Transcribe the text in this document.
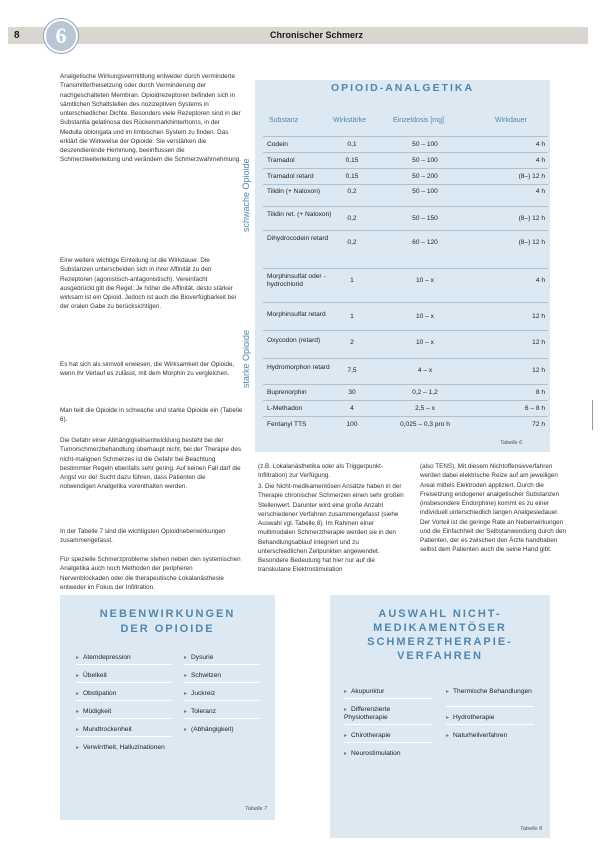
8	6	Chronischer Schmerz

Analgetische Wirkungsvermittlung entweder durch verminderte Transmitterfreisetzung oder durch Verminderung der nachgeschalteten Membran. Opioidrezeptoren befinden sich in sämtlichen Schaltstellen des nozizeptiven Systems in unterschiedlicher Dichte. Besonders viele Rezeptoren sind in der Substantia gelatinosa des Rückenmarkhinterhorns, in der Medulla oblongata und im limbischen System zu finden. Das erklärt die Wirkweise der Opioide: Sie verstärken die deszendierende Hemmung, beeinflussen die Schmerzweiterleitung und verändern die Schmerzwahrnehmung.

Eine weitere wichtige Einteilung ist die Wirkdauer. Die Substanzen unterscheiden sich in ihrer Affinität zu den Rezeptoren (agonistisch-antagonistisch). Vereinfacht ausgedrückt gilt die Regel: Je höher die Affinität, desto stärker wirksam ist ein Opioid. Jedoch ist auch die Bioverfügbarkeit bei der oralen Gabe zu berücksichtigen.

Es hat sich als sinnvoll erwiesen, die Wirksamkeit der Opioide, wenn ihr Verlauf es zulässt, mit dem Morphin zu vergleichen.

Man teilt die Opioide in schwache und starke Opioide ein (Tabelle 6).

Die Gefahr einer Abhängigkeitsentwicklung besteht bei der Tumorschmerzbehandlung überhaupt nicht, bei der Therapie des nicht-malignen Schmerzes ist die Gefahr bei Beachtung bestimmter Regeln ebenfalls sehr gering. Auf keinen Fall darf die Angst vor der Sucht dazu führen, dass Patienten die notwendigen Analgetika vorenthalten werden.

In der Tabelle 7 sind die wichtigsten Opioidnebenwirkungen zusammengefasst.

Für spezielle Schmerzprobleme stehen neben den systemischen Analgetika auch noch Methoden der peripheren Nervenblockaden oder die therapeutische Lokalanästhesie entweder im Fokus der Infiltration.

OPIOID-ANALGETIKA
Substanz	Wirkstärke	Einzeldosis [mg]	Wirkdauer
schwache Opioide
starke Opioide
Codein	0,1	50 – 100	4 h
Tramadol	0,15	50 – 100	4 h
Tramadol retard	0,15	50 – 200	(8–) 12 h
Tilidin (+ Naloxon)	0,2	50 – 100	4 h
Tilidin ret. (+ Naloxon)
0,2	50 – 150	(8–) 12 h
Dihydrocodein retard
0,2	60 – 120	(8–) 12 h
Morphinsulfat oder -hydrochlorid
1	10 – x	4 h
Morphinsulfat retard	1	10 – x	12 h
Oxycodon (retard)	2	10 – x	12 h
Hydromorphon retard	7,5	4 – x	12 h
Buprenorphin	30	0,2 – 1,2	8 h
L-Methadon	4	2,5 – x	6 – 8 h
Fentanyl TTS	100	0,025 – 0,3 pro h	72 h
Tabelle 6

(z.B. Lokalanästhetika oder als Triggerpunkt-Infiltration) zur Verfügung.

3. Die Nicht-medikamentösen Ansätze haben in der Therapie chronischer Schmerzen einen sehr großen Stellenwert. Darunter wird eine große Anzahl verschiedener Verfahren zusammengefasst (siehe Auswahl vgl. Tabelle 8). Im Rahmen einer multimodalen Schmerztherapie werden sie in den Behandlungsablauf integriert und zu unterschiedlichen Zeitpunkten angewendet. Besondere Bedeutung hat hier nur auf die transkutane Elektrostimulation

(also TENS). Mit diesem Nichtoffensivverfahren werden dabei elektrische Reize auf am jeweiligen Areal mittels Elektroden appliziert. Durch die Freisetzung endogener analgetischer Substanzen (insbesondere Endorphine) kommt es zu einer individuell unterschiedlich langen Analgesiedauer. Der Vorteil ist die geringe Rate an Nebenwirkungen und die Einfachheit der Selbstanwendung durch den Patienten, der es zwischen den Ärzte handhaben selbst dem Patienten auch die seine Hand gibt.

NEBENWIRKUNGEN
DER OPIOIDE
▸ Atemdepression
▸ Übelkeit
▸ Obstipation
▸ Müdigkeit
▸ Mundtrockenheit
▸ Verwirrtheit, Halluzinationen
▸ Dysurie
▸ Schwitzen
▸ Juckreiz
▸ Toleranz
▸ (Abhängigkeit)
Tabelle 7
AUSWAHL NICHT-
MEDIKAMENTÖSER
SCHMERZTHERAPIE-
VERFAHREN
▸ Akupunktur
▸ Differenzierte Physiotherapie
▸ Chirotherapie
▸ Neurostimulation
▸ Thermische Behandlungen
▸ Hydrotherapie
▸ Naturheilverfahren
Tabelle 8
